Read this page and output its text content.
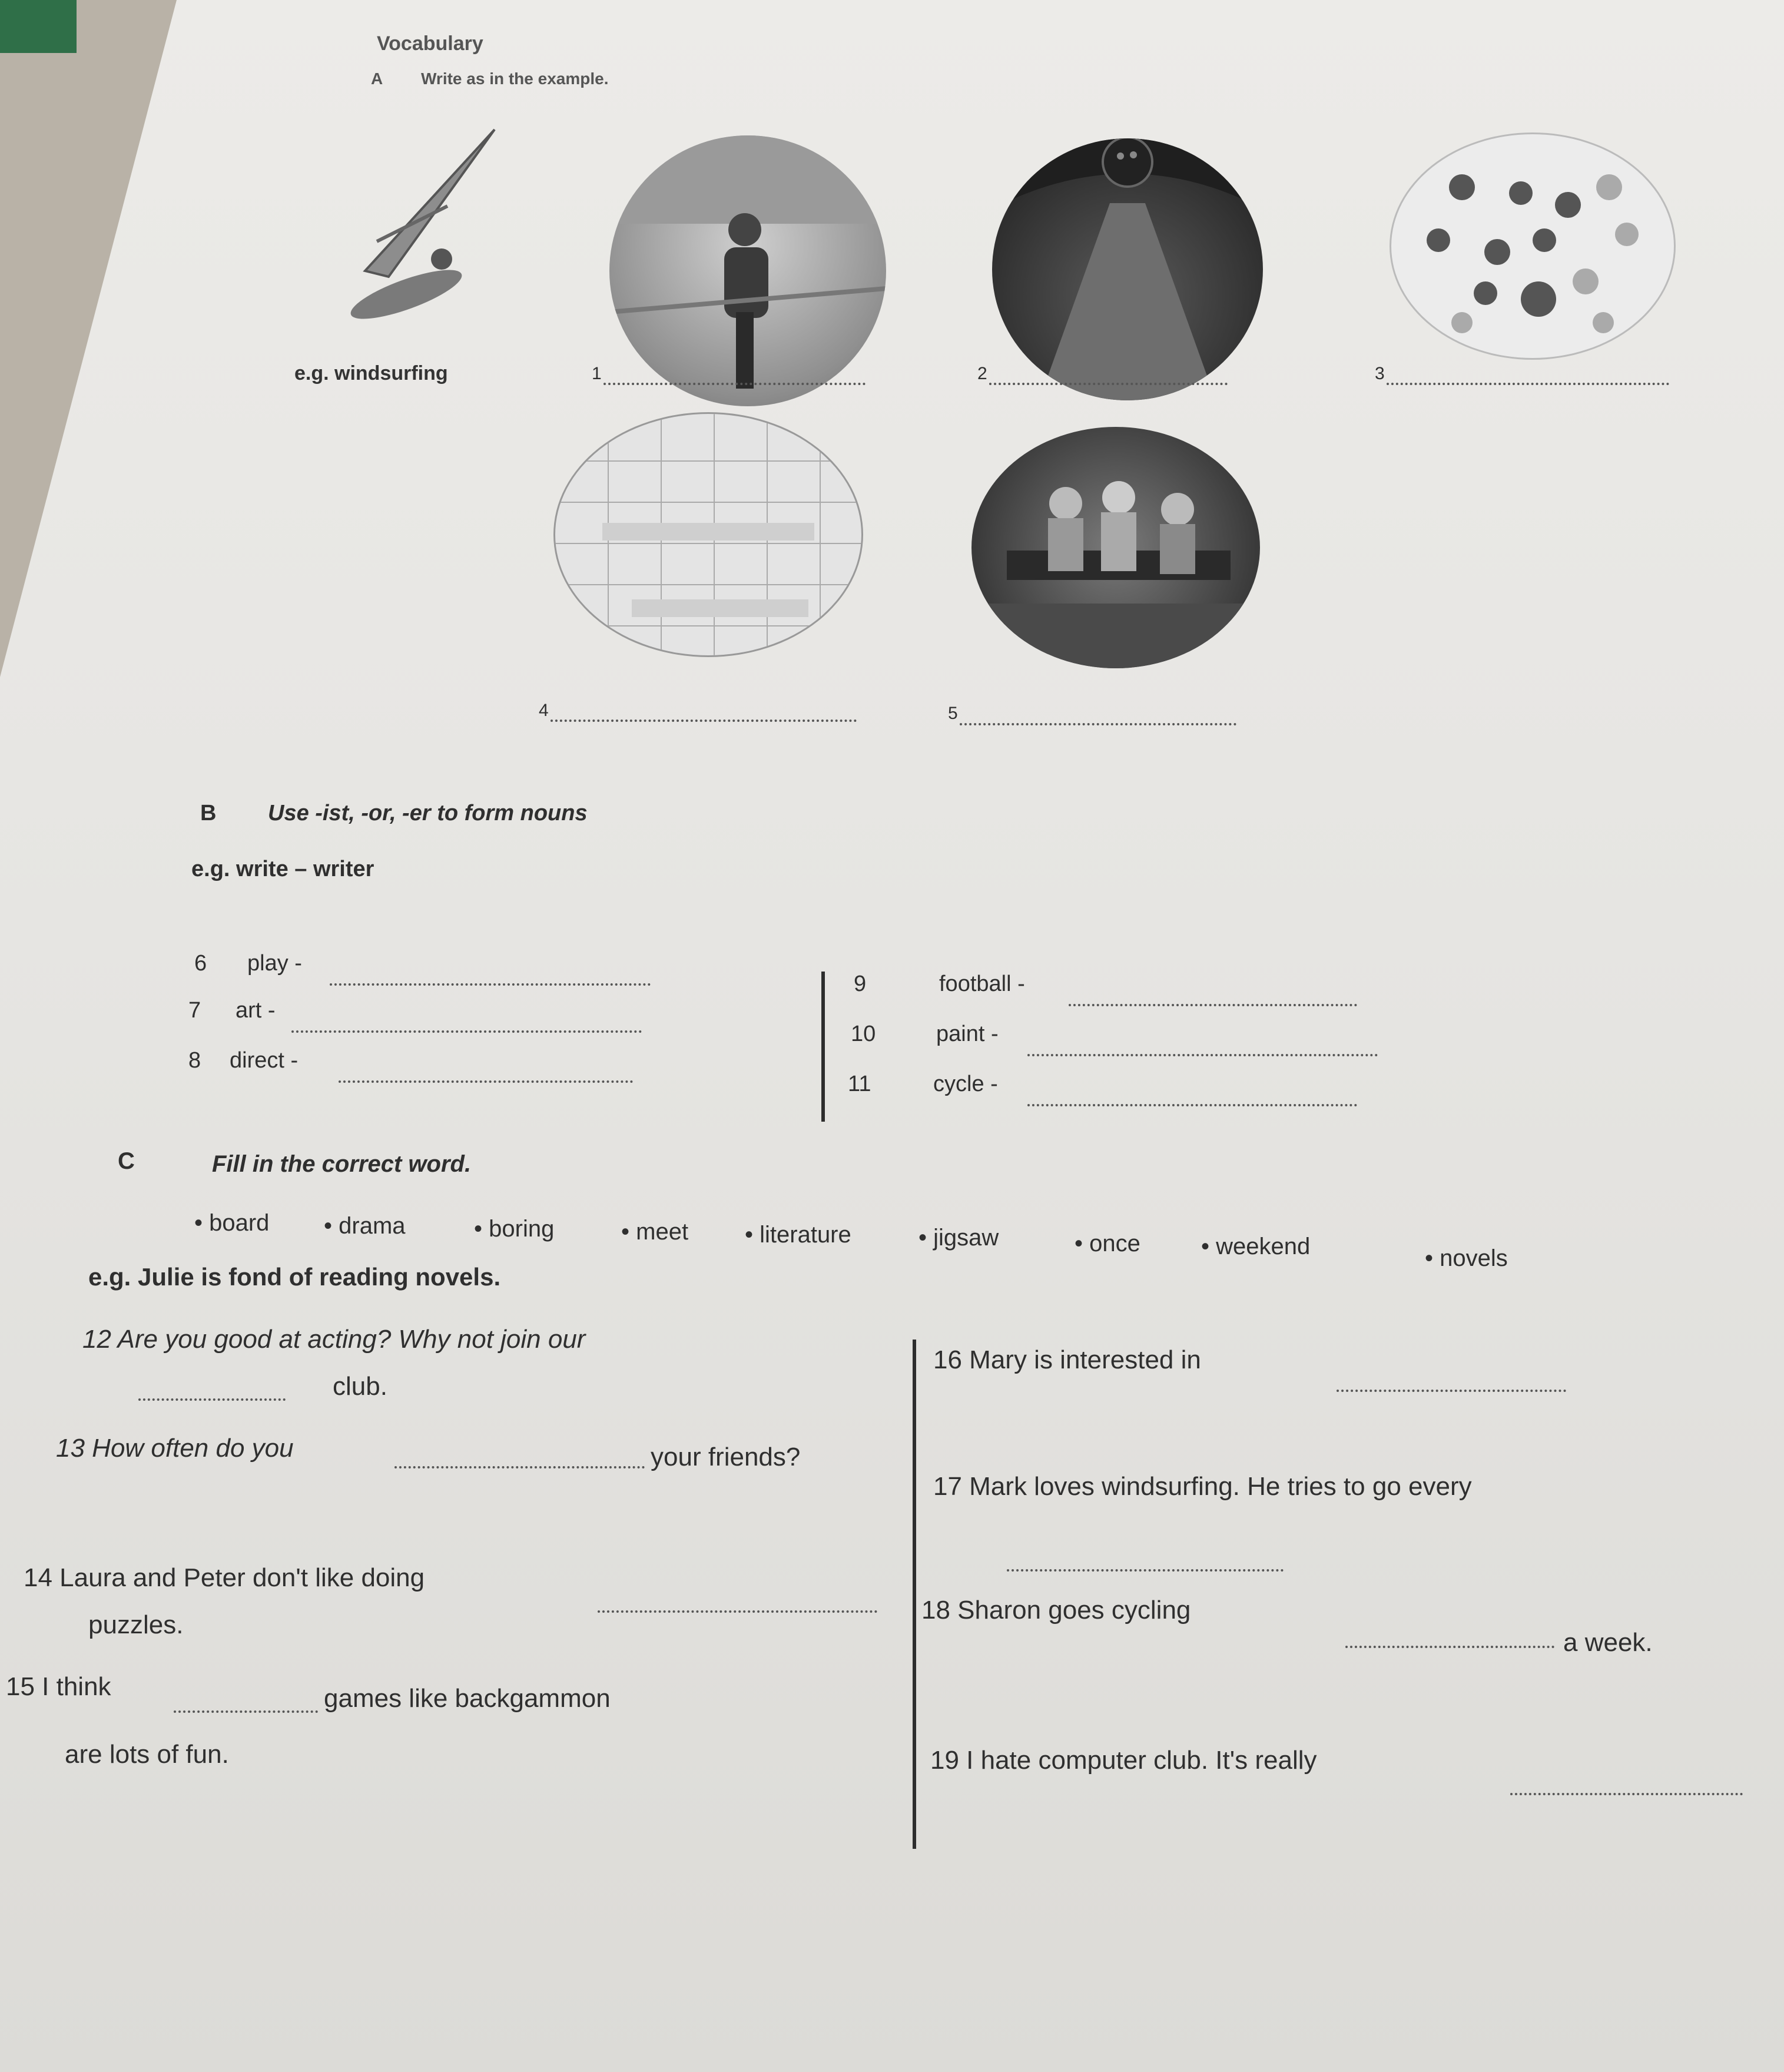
Vocabulary
A Write as in the example.
e.g. windsurfing	1	2	3
4	5
B Use -ist, -or, -er to form nouns
e.g. write – writer
6 play -
7 art -
8 direct -
9	football -
10	paint -
11	cycle -
C	Fill in the correct word.
• board • drama	• boring	• meet • literature	• jigsaw	• once	• weekend	• novels
e.g. Julie is fond of reading novels.
12 Are you good at acting? Why not join our
club.
13 How often do you	your friends?
14 Laura and Peter don't like doing
puzzles.
15 I think	games like backgammon
are lots of fun.
16 Mary is interested in
17 Mark loves windsurfing. He tries to go every
18 Sharon goes cycling
a week.
19 I hate computer club. It's really
